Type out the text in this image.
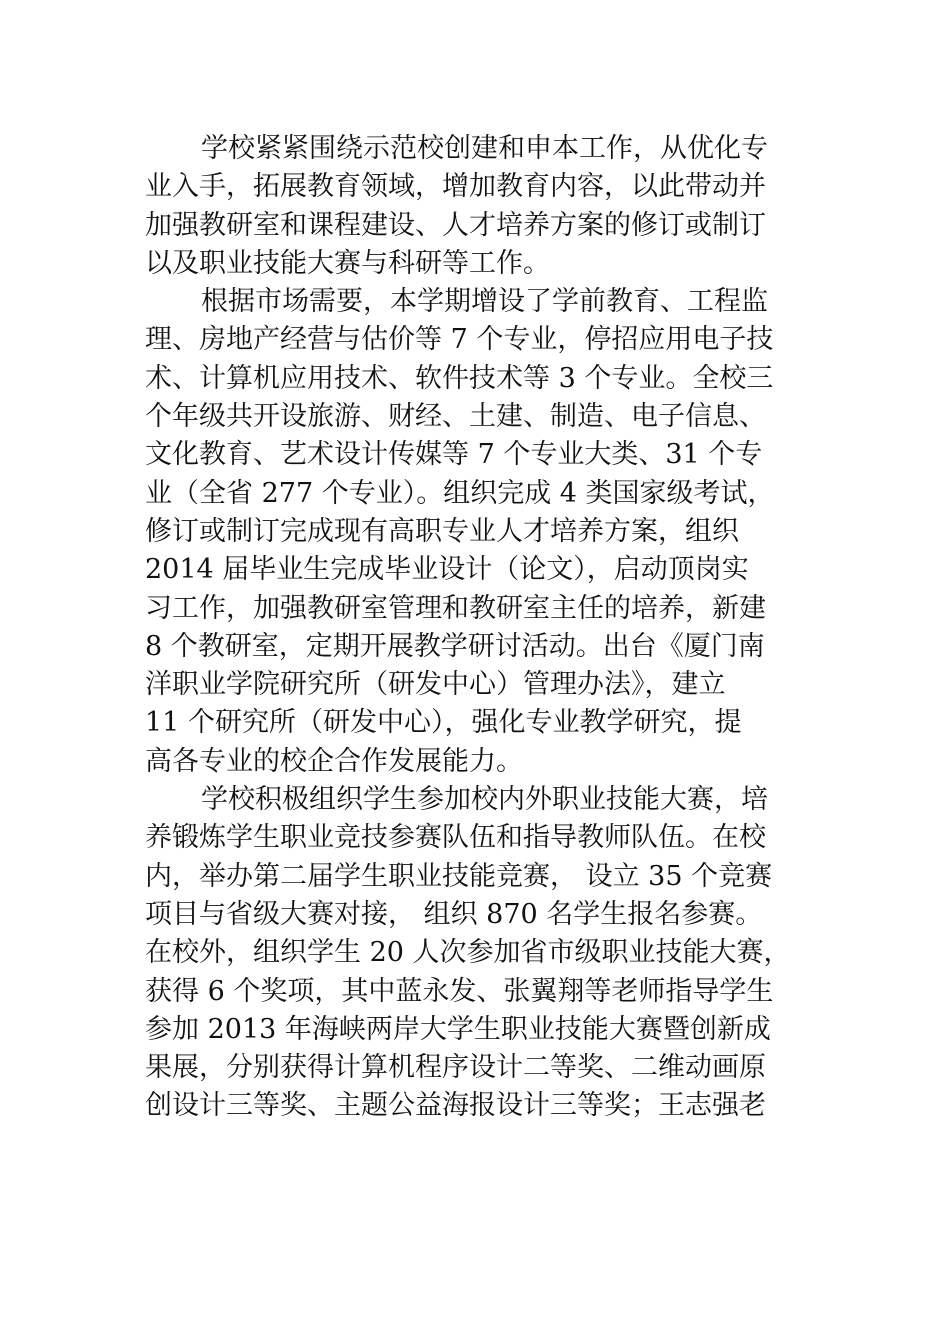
学校紧紧围绕示范校创建和申本工作，从优化专
业入手，拓展教育领域，增加教育内容，以此带动并
加强教研室和课程建设、人才培养方案的修订或制订
以及职业技能大赛与科研等工作。
根据市场需要，本学期增设了学前教育、工程监
理、房地产经营与估价等 7 个专业，停招应用电子技
术、计算机应用技术、软件技术等 3 个专业。全校三
个年级共开设旅游、财经、土建、制造、电子信息、
文化教育、艺术设计传媒等 7 个专业大类、31 个专
业（全省 277 个专业）。组织完成 4 类国家级考试，
修订或制订完成现有高职专业人才培养方案，组织
2014 届毕业生完成毕业设计（论文），启动顶岗实
习工作，加强教研室管理和教研室主任的培养，新建
8 个教研室，定期开展教学研讨活动。出台《厦门南
洋职业学院研究所（研发中心）管理办法》，建立
11 个研究所（研发中心），强化专业教学研究，提
高各专业的校企合作发展能力。
学校积极组织学生参加校内外职业技能大赛，培
养锻炼学生职业竞技参赛队伍和指导教师队伍。在校
内，举办第二届学生职业技能竞赛， 设立 35 个竞赛
项目与省级大赛对接， 组织 870 名学生报名参赛。
在校外，组织学生 20 人次参加省市级职业技能大赛，
获得 6 个奖项，其中蓝永发、张翼翔等老师指导学生
参加 2013 年海峡两岸大学生职业技能大赛暨创新成
果展，分别获得计算机程序设计二等奖、二维动画原
创设计三等奖、主题公益海报设计三等奖；王志强老
